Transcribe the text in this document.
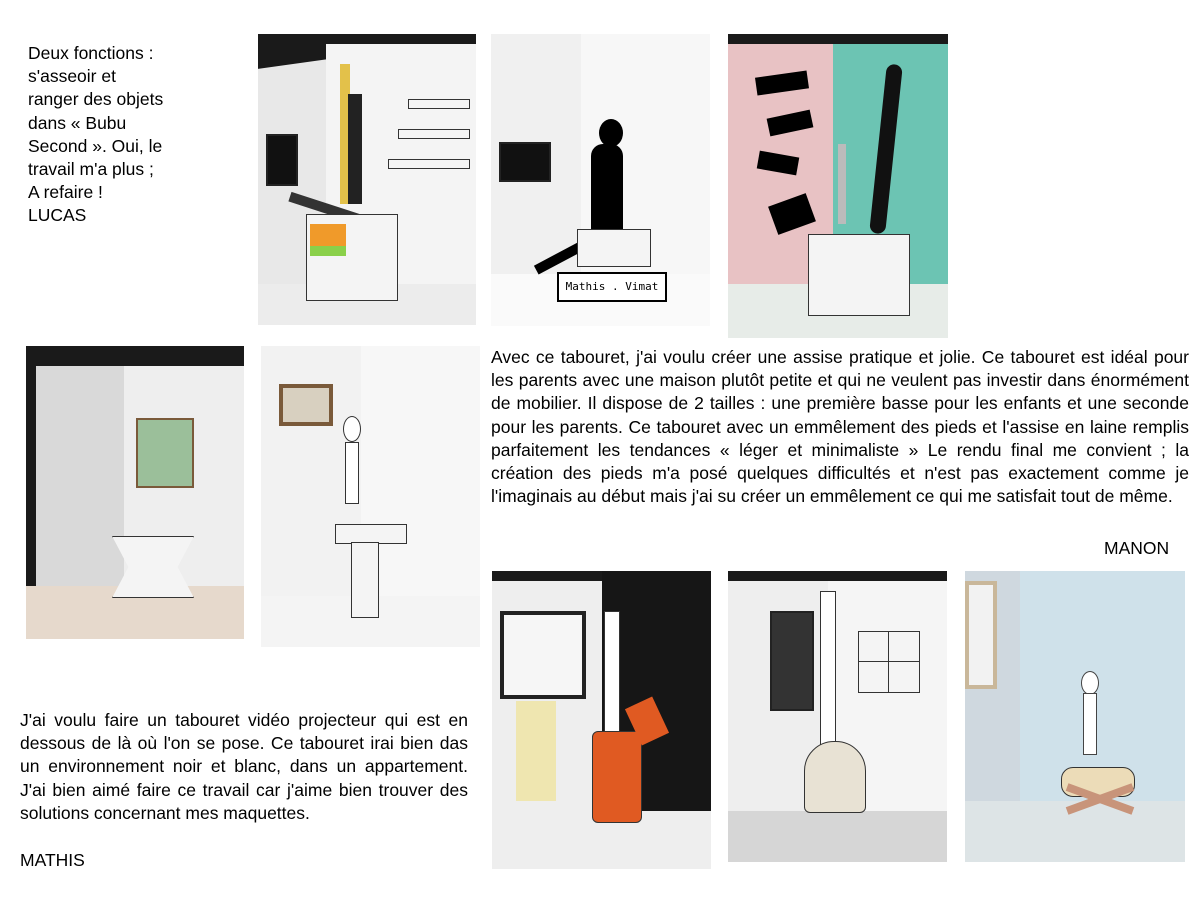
Deux fonctions :
s'asseoir et
ranger des objets
dans « Bubu
Second ». Oui, le
travail m'a plus ;
A refaire !
LUCAS

Avec ce tabouret, j'ai voulu créer une assise pratique et jolie. Ce tabouret est idéal pour les parents avec une maison plutôt petite et qui ne veulent pas investir dans énormément de mobilier. Il dispose de 2 tailles : une première basse pour les enfants et une seconde pour les parents. Ce tabouret avec un emmêlement des pieds et l'assise en laine remplis parfaitement les tendances « léger et minimaliste » Le rendu final me convient ; la création des pieds m'a posé quelques difficultés et n'est pas exactement comme je l'imaginais au début mais j'ai su créer un emmêlement ce qui me satisfait tout de même.

MANON

J'ai voulu faire un tabouret vidéo projecteur qui est en dessous de là où l'on se pose. Ce tabouret irai bien das un environnement noir et blanc, dans un appartement. J'ai bien aimé faire ce travail car j'aime bien trouver des solutions concernant mes maquettes.

MATHIS
Mathis . Vimat
